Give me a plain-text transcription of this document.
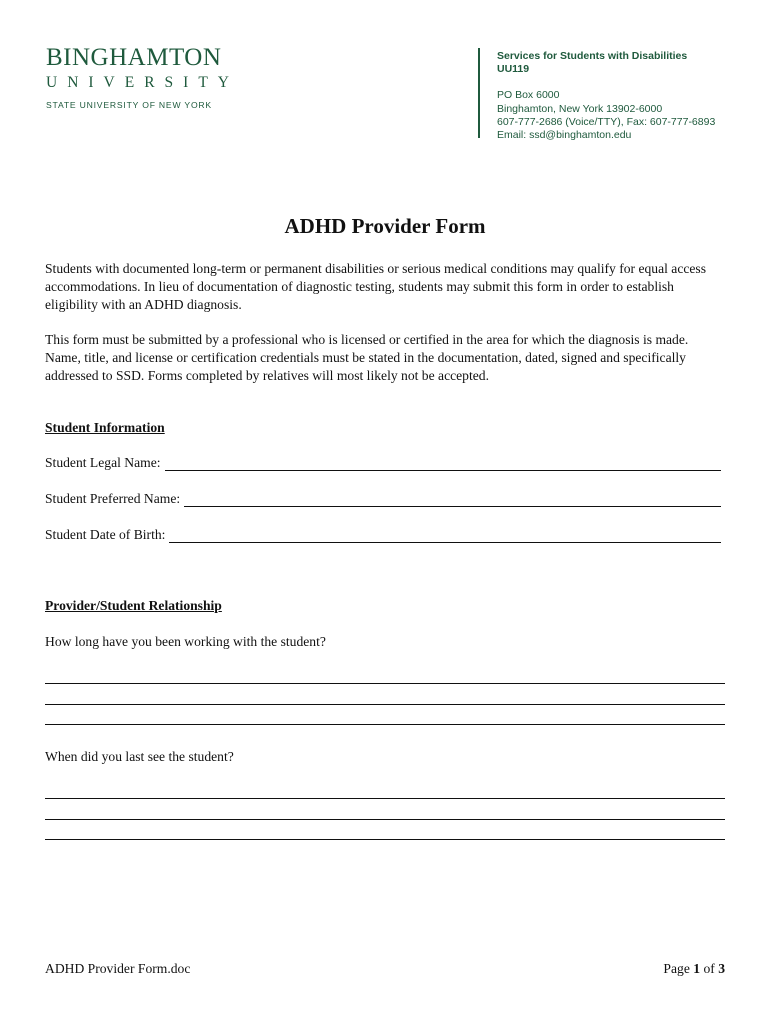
BINGHAMTON
UNIVERSITY
STATE UNIVERSITY OF NEW YORK
Services for Students with Disabilities
UU119
PO Box 6000
Binghamton, New York 13902-6000
607-777-2686 (Voice/TTY), Fax: 607-777-6893
Email: ssd@binghamton.edu
ADHD Provider Form

Students with documented long-term or permanent disabilities or serious medical conditions may qualify for equal access accommodations. In lieu of documentation of diagnostic testing, students may submit this form in order to establish eligibility with an ADHD diagnosis.

This form must be submitted by a professional who is licensed or certified in the area for which the diagnosis is made. Name, title, and license or certification credentials must be stated in the documentation, dated, signed and specifically addressed to SSD. Forms completed by relatives will most likely not be accepted.

Student Information
Student Legal Name:
Student Preferred Name:
Student Date of Birth:
Provider/Student Relationship
How long have you been working with the student?
When did you last see the student?
ADHD Provider Form.doc	Page 1 of 3
